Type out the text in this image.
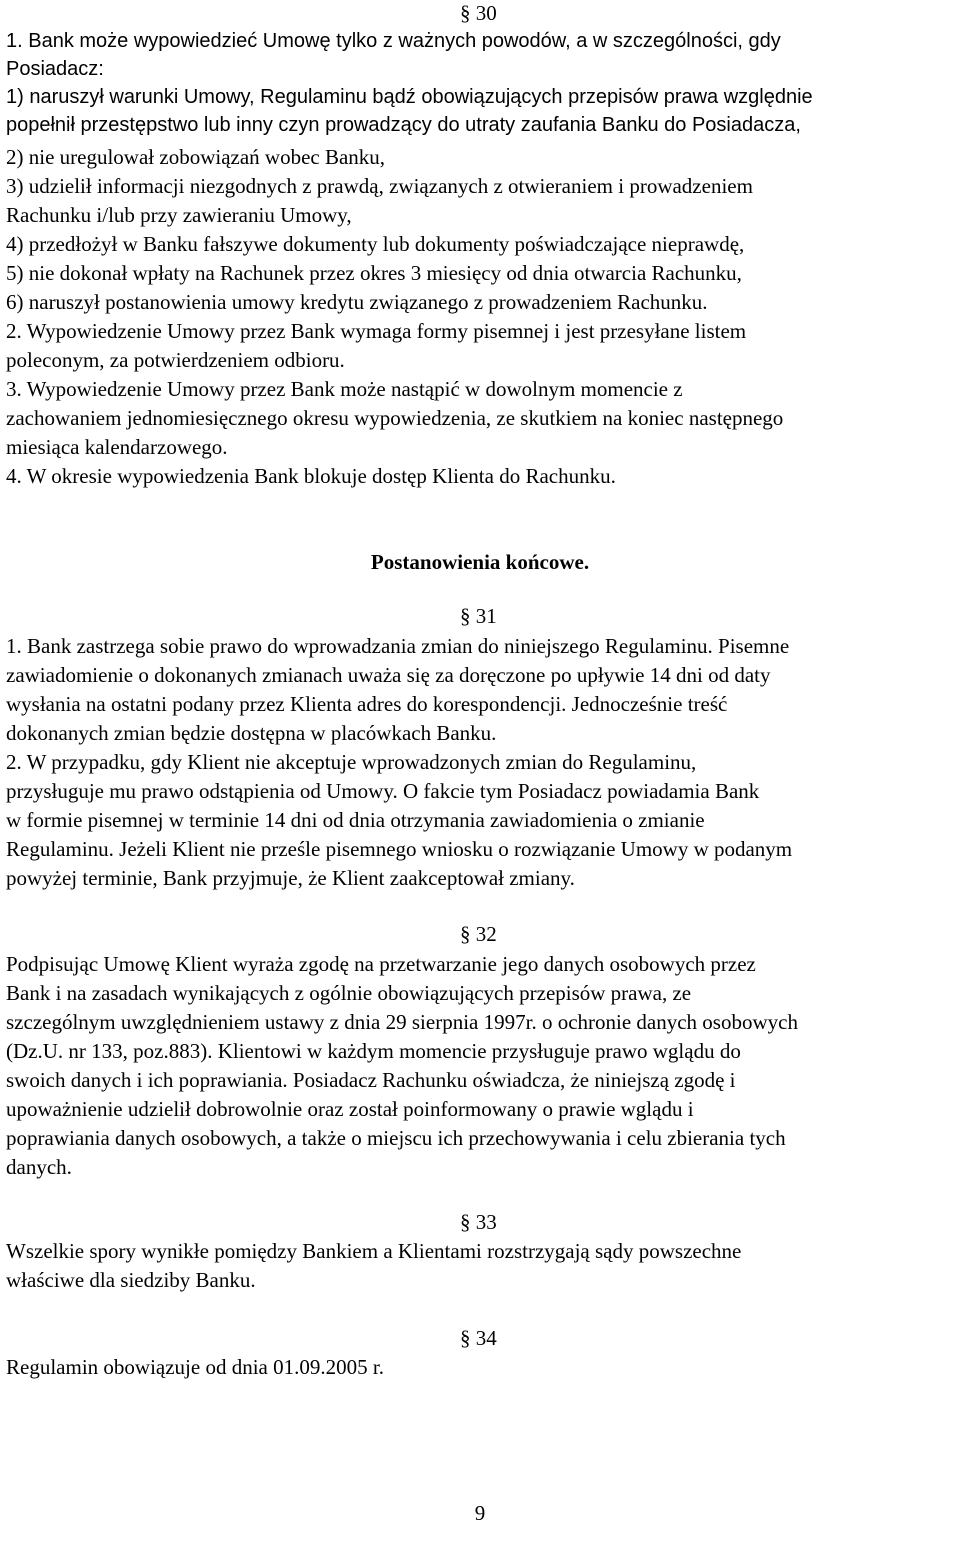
§ 30
1. Bank może wypowiedzieć Umowę tylko z ważnych powodów, a w szczególności, gdy
Posiadacz:
1) naruszył warunki Umowy, Regulaminu bądź obowiązujących przepisów prawa względnie
popełnił przestępstwo lub inny czyn prowadzący do utraty zaufania Banku do Posiadacza,
2) nie uregulował zobowiązań wobec Banku,
3) udzielił informacji niezgodnych z prawdą, związanych z otwieraniem i prowadzeniem
Rachunku i/lub przy zawieraniu Umowy,
4) przedłożył w Banku fałszywe dokumenty lub dokumenty poświadczające nieprawdę,
5) nie dokonał wpłaty na Rachunek przez okres 3 miesięcy od dnia otwarcia Rachunku,
6) naruszył postanowienia umowy kredytu związanego z prowadzeniem Rachunku.
2. Wypowiedzenie Umowy przez Bank wymaga formy pisemnej i jest przesyłane listem
poleconym, za potwierdzeniem odbioru.
3. Wypowiedzenie Umowy przez Bank może nastąpić w dowolnym momencie z
zachowaniem jednomiesięcznego okresu wypowiedzenia, ze skutkiem na koniec następnego
miesiąca kalendarzowego.
4. W okresie wypowiedzenia Bank blokuje dostęp Klienta do Rachunku.
Postanowienia końcowe.
§ 31
1. Bank zastrzega sobie prawo do wprowadzania zmian do niniejszego Regulaminu. Pisemne
zawiadomienie o dokonanych zmianach uważa się za doręczone po upływie 14 dni od daty
wysłania na ostatni podany przez Klienta adres do korespondencji. Jednocześnie treść
dokonanych zmian będzie dostępna w placówkach Banku.
2. W przypadku, gdy Klient nie akceptuje wprowadzonych zmian do Regulaminu,
przysługuje mu prawo odstąpienia od Umowy. O fakcie tym Posiadacz powiadamia Bank
w formie pisemnej w terminie 14 dni od dnia otrzymania zawiadomienia o zmianie
Regulaminu. Jeżeli Klient nie prześle pisemnego wniosku o rozwiązanie Umowy w podanym
powyżej terminie, Bank przyjmuje, że Klient zaakceptował zmiany.
§ 32
Podpisując Umowę Klient wyraża zgodę na przetwarzanie jego danych osobowych przez
Bank i na zasadach wynikających z ogólnie obowiązujących przepisów prawa, ze
szczególnym uwzględnieniem ustawy z dnia 29 sierpnia 1997r. o ochronie danych osobowych
(Dz.U. nr 133, poz.883). Klientowi w każdym momencie przysługuje prawo wglądu do
swoich danych i ich poprawiania. Posiadacz Rachunku oświadcza, że niniejszą zgodę i
upoważnienie udzielił dobrowolnie oraz został poinformowany o prawie wglądu i
poprawiania danych osobowych, a także o miejscu ich przechowywania i celu zbierania tych
danych.
§ 33
Wszelkie spory wynikłe pomiędzy Bankiem a Klientami rozstrzygają sądy powszechne
właściwe dla siedziby Banku.
§ 34
Regulamin obowiązuje od dnia 01.09.2005 r.
9
